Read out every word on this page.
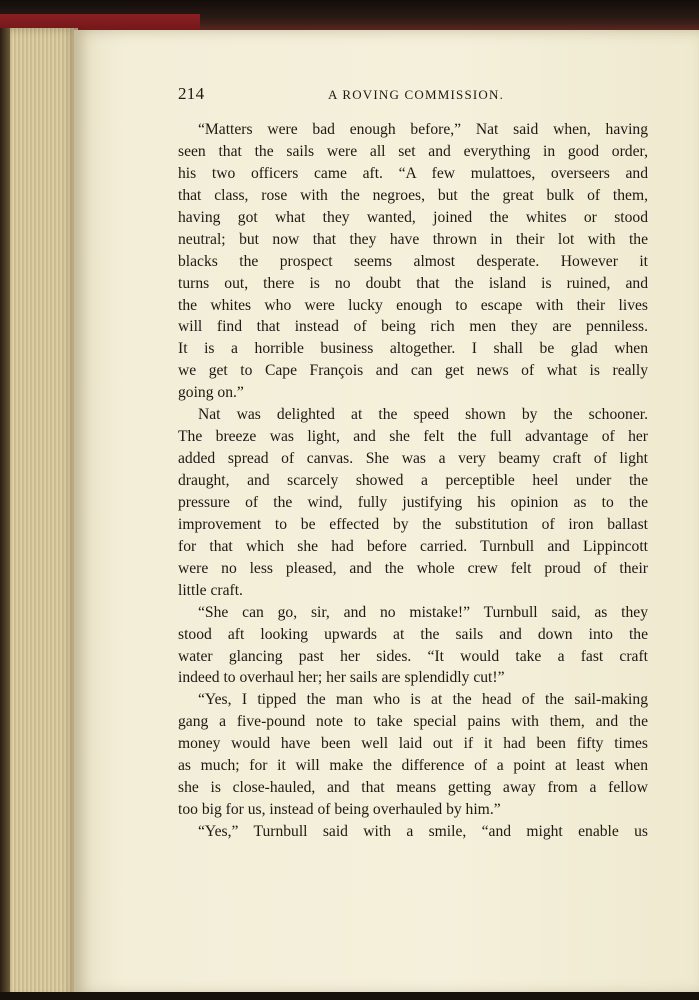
214	A ROVING COMMISSION.
“Matters were bad enough before,” Nat said when, having
seen that the sails were all set and everything in good order,
his two officers came aft. “A few mulattoes, overseers and
that class, rose with the negroes, but the great bulk of them,
having got what they wanted, joined the whites or stood
neutral; but now that they have thrown in their lot with the
blacks the prospect seems almost desperate. However it
turns out, there is no doubt that the island is ruined, and
the whites who were lucky enough to escape with their lives
will find that instead of being rich men they are penniless.
It is a horrible business altogether. I shall be glad when
we get to Cape François and can get news of what is really
going on.”
Nat was delighted at the speed shown by the schooner.
The breeze was light, and she felt the full advantage of her
added spread of canvas. She was a very beamy craft of light
draught, and scarcely showed a perceptible heel under the
pressure of the wind, fully justifying his opinion as to the
improvement to be effected by the substitution of iron ballast
for that which she had before carried. Turnbull and Lippincott
were no less pleased, and the whole crew felt proud of their
little craft.
“She can go, sir, and no mistake!” Turnbull said, as they
stood aft looking upwards at the sails and down into the
water glancing past her sides. “It would take a fast craft
indeed to overhaul her; her sails are splendidly cut!”
“Yes, I tipped the man who is at the head of the sail-making
gang a five-pound note to take special pains with them, and the
money would have been well laid out if it had been fifty times
as much; for it will make the difference of a point at least when
she is close-hauled, and that means getting away from a fellow
too big for us, instead of being overhauled by him.”
“Yes,” Turnbull said with a smile, “and might enable us
